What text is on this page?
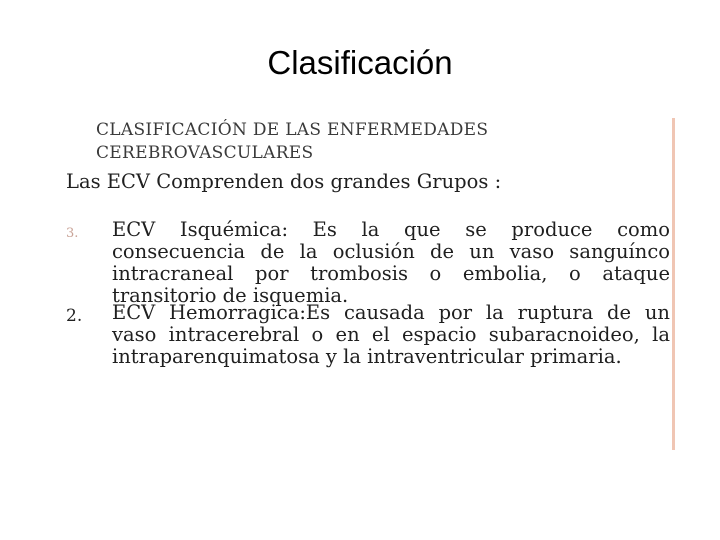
Clasificación
CLASIFICACIÓN DE LAS ENFERMEDADES
CEREBROVASCULARES
Las ECV Comprenden dos grandes Grupos :
3. ECV Isquémica: Es la que se produce como
consecuencia de la oclusión de un vaso sanguínco
intracraneal por trombosis o embolia, o ataque
transitorio de isquemia.
2. ECV Hemorragica:Es causada por la ruptura de un
vaso intracerebral o en el espacio subaracnoideo, la
intraparenquimatosa y la intraventricular primaria.
